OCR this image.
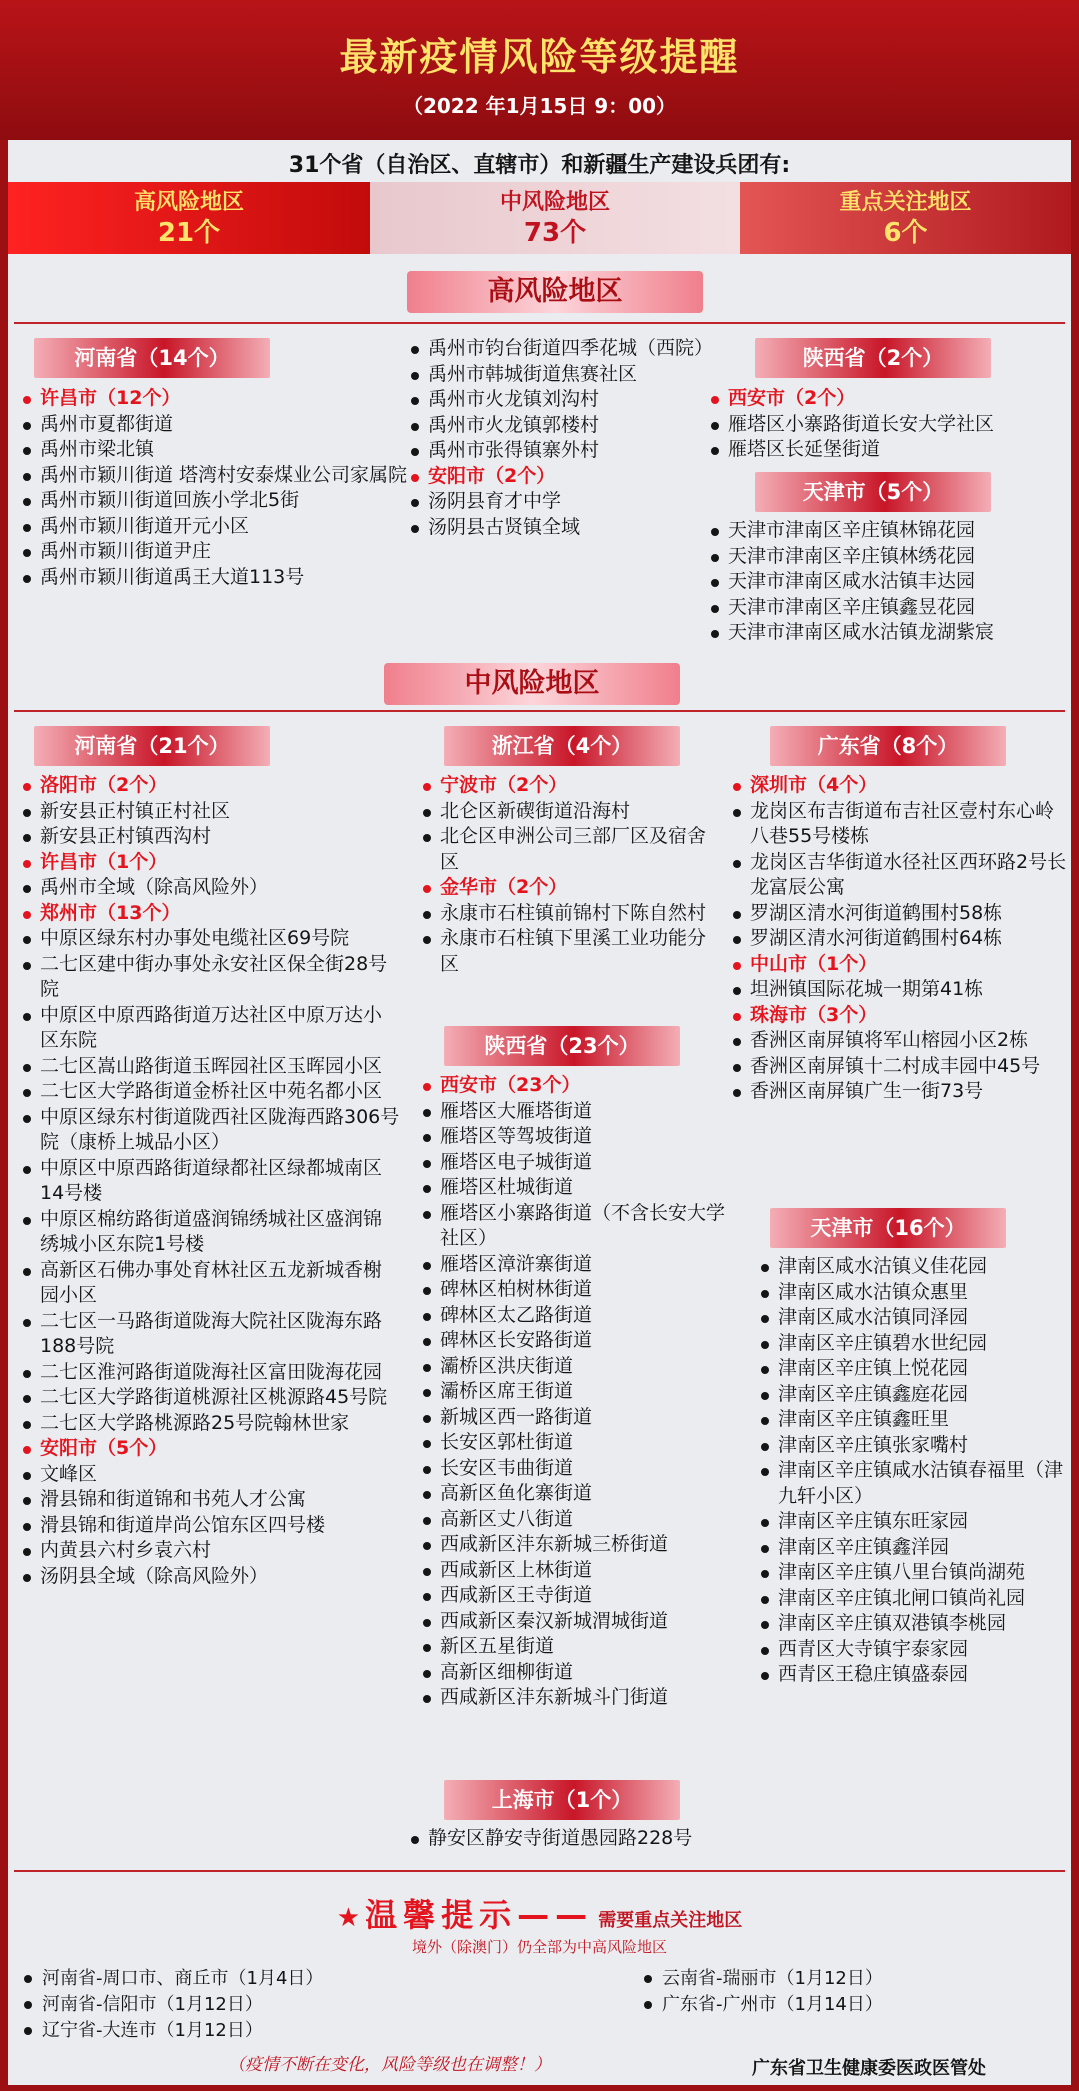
最新疫情风险等级提醒
（2022 年1月15日 9：00）
31个省（自治区、直辖市）和新疆生产建设兵团有:
高风险地区
21个
中风险地区
73个
重点关注地区
6个
高风险地区
河南省（14个）
许昌市（12个）
禹州市夏都街道
禹州市梁北镇
禹州市颖川街道 塔湾村安泰煤业公司家属院
禹州市颖川街道回族小学北5街
禹州市颖川街道开元小区
禹州市颖川街道尹庄
禹州市颖川街道禹王大道113号
禹州市钧台街道四季花城（西院）
禹州市韩城街道焦赛社区
禹州市火龙镇刘沟村
禹州市火龙镇郭楼村
禹州市张得镇寨外村
安阳市（2个）
汤阴县育才中学
汤阴县古贤镇全域
陕西省（2个）
西安市（2个）
雁塔区小寨路街道长安大学社区
雁塔区长延堡街道
天津市（5个）
天津市津南区辛庄镇林锦花园
天津市津南区辛庄镇林绣花园
天津市津南区咸水沽镇丰达园
天津市津南区辛庄镇鑫昱花园
天津市津南区咸水沽镇龙湖紫宸
中风险地区
河南省（21个）
洛阳市（2个）
新安县正村镇正村社区
新安县正村镇西沟村
许昌市（1个）
禹州市全域（除高风险外）
郑州市（13个）
中原区绿东村办事处电缆社区69号院
二七区建中街办事处永安社区保全街28号院
中原区中原西路街道万达社区中原万达小区东院
二七区嵩山路街道玉晖园社区玉晖园小区
二七区大学路街道金桥社区中苑名都小区
中原区绿东村街道陇西社区陇海西路306号院（康桥上城品小区）
中原区中原西路街道绿都社区绿都城南区14号楼
中原区棉纺路街道盛润锦绣城社区盛润锦绣城小区东院1号楼
高新区石佛办事处育林社区五龙新城香榭园小区
二七区一马路街道陇海大院社区陇海东路188号院
二七区淮河路街道陇海社区富田陇海花园
二七区大学路街道桃源社区桃源路45号院
二七区大学路桃源路25号院翰林世家
安阳市（5个）
文峰区
滑县锦和街道锦和书苑人才公寓
滑县锦和街道岸尚公馆东区四号楼
内黄县六村乡袁六村
汤阴县全域（除高风险外）
浙江省（4个）
宁波市（2个）
北仑区新碶街道沿海村
北仑区申洲公司三部厂区及宿舍区
金华市（2个）
永康市石柱镇前锦村下陈自然村
永康市石柱镇下里溪工业功能分区
陕西省（23个）
西安市（23个）
雁塔区大雁塔街道
雁塔区等驾坡街道
雁塔区电子城街道
雁塔区杜城街道
雁塔区小寨路街道（不含长安大学社区）
雁塔区漳浒寨街道
碑林区柏树林街道
碑林区太乙路街道
碑林区长安路街道
灞桥区洪庆街道
灞桥区席王街道
新城区西一路街道
长安区郭杜街道
长安区韦曲街道
高新区鱼化寨街道
高新区丈八街道
西咸新区沣东新城三桥街道
西咸新区上林街道
西咸新区王寺街道
西咸新区秦汉新城渭城街道
新区五星街道
高新区细柳街道
西咸新区沣东新城斗门街道
上海市（1个）
静安区静安寺街道愚园路228号
广东省（8个）
深圳市（4个）
龙岗区布吉街道布吉社区壹村东心岭八巷55号楼栋
龙岗区吉华街道水径社区西环路2号长龙富辰公寓
罗湖区清水河街道鹤围村58栋
罗湖区清水河街道鹤围村64栋
中山市（1个）
坦洲镇国际花城一期第41栋
珠海市（3个）
香洲区南屏镇将军山榕园小区2栋
香洲区南屏镇十二村成丰园中45号
香洲区南屏镇广生一街73号
天津市（16个）
津南区咸水沽镇义佳花园
津南区咸水沽镇众惠里
津南区咸水沽镇同泽园
津南区辛庄镇碧水世纪园
津南区辛庄镇上悦花园
津南区辛庄镇鑫庭花园
津南区辛庄镇鑫旺里
津南区辛庄镇张家嘴村
津南区辛庄镇咸水沽镇春福里（津九轩小区）
津南区辛庄镇东旺家园
津南区辛庄镇鑫洋园
津南区辛庄镇八里台镇尚湖苑
津南区辛庄镇北闸口镇尚礼园
津南区辛庄镇双港镇李桃园
西青区大寺镇宇泰家园
西青区王稳庄镇盛泰园
★ 温馨提示—— 需要重点关注地区
境外（除澳门）仍全部为中高风险地区
河南省-周口市、商丘市（1月4日）
河南省-信阳市（1月12日）
辽宁省-大连市（1月12日）
云南省-瑞丽市（1月12日）
广东省-广州市（1月14日）
（疫情不断在变化，风险等级也在调整！）	广东省卫生健康委医政医管处
